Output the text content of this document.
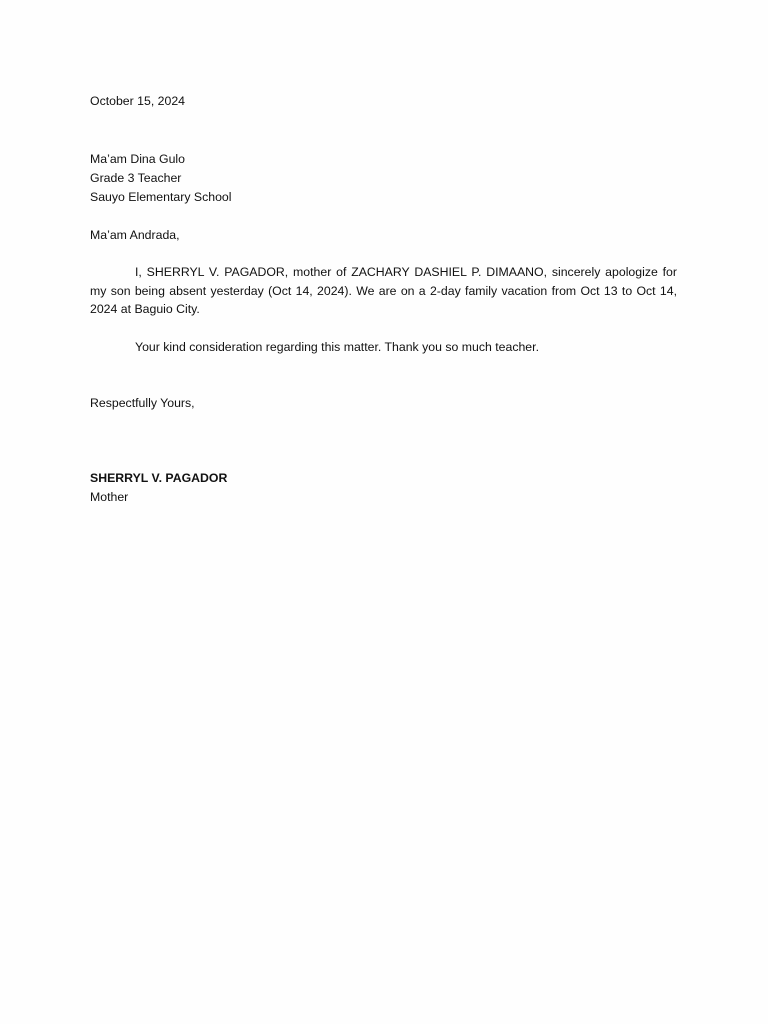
October 15, 2024
Ma’am Dina Gulo
Grade 3 Teacher
Sauyo Elementary School
Ma’am Andrada,
I, SHERRYL V. PAGADOR, mother of ZACHARY DASHIEL P. DIMAANO, sincerely apologize for my son being absent yesterday (Oct 14, 2024). We are on a 2-day family vacation from Oct 13 to Oct 14, 2024 at Baguio City.
Your kind consideration regarding this matter. Thank you so much teacher.
Respectfully Yours,
SHERRYL V. PAGADOR
Mother
